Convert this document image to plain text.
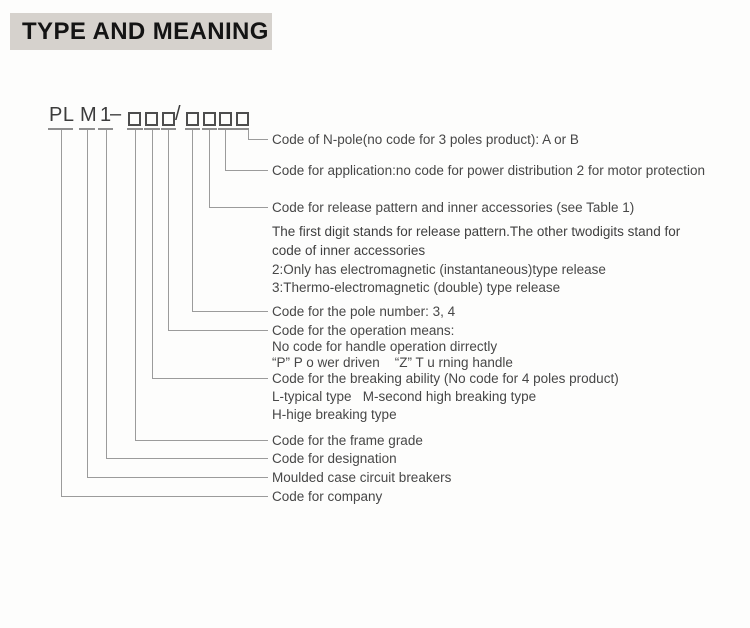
TYPE AND MEANING
PL M 1
–	/
Code of N-pole(no code for 3 poles product): A or B
Code for application:no code for power distribution 2 for motor protection
Code for release pattern and inner accessories (see Table 1)
The first digit stands for release pattern.The other twodigits stand for
code of inner accessories
2:Only has electromagnetic (instantaneous)type release
3:Thermo-electromagnetic (double) type release
Code for the pole number: 3, 4
Code for the operation means:
No code for handle operation dirrectly
“P” P o wer driven    “Z” T u rning handle
Code for the breaking ability (No code for 4 poles product)
L-typical type   M-second high breaking type
H-hige breaking type
Code for the frame grade
Code for designation
Moulded case circuit breakers
Code for company
